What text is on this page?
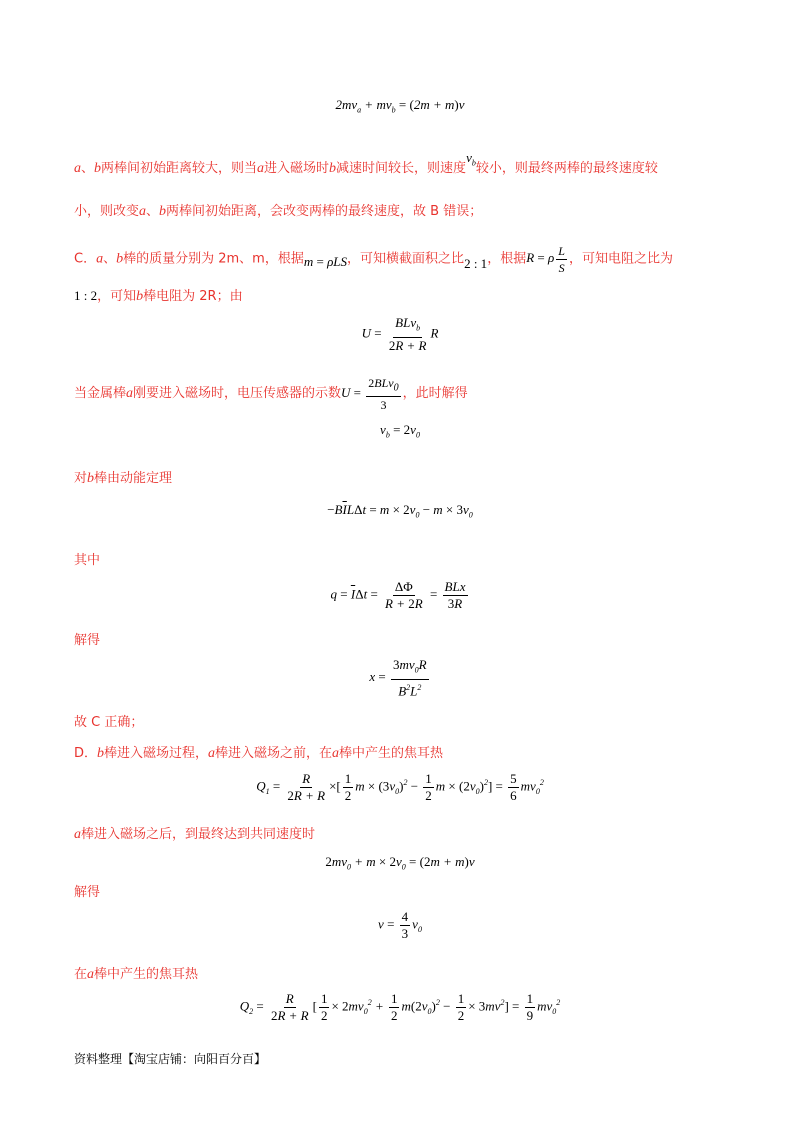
$2mv_a + mv_b = (2m + m)v$
a、b两棒间初始距离较大，则当a进入磁场时b减速时间较长，则速度$v_b$较小，则最终两棒的最终速度较
小，则改变a、b两棒间初始距离，会改变两棒的最终速度，故 B 错误；
C．a、b棒的质量分别为 2m、m，根据m = ρLS，可知横截面积之比2 : 1，根据R = ρ $\frac{L}{S}$ ，可知电阻之比为
1 : 2，可知b棒电阻为 2R；由
$U = \frac{BLv_b}{2R + R}$ R
当金属棒a刚要进入磁场时，电压传感器的示数$U = \frac{2BLv_0}{3}$ ，此时解得
$v_b = 2v_0$
对b棒由动能定理
$-B\overline{I}L\Delta t = m \times 2v_0 - m \times 3v_0$
其中
$q = \overline{I}\Delta t = \frac{\Delta\Phi}{R + 2R} = \frac{\text{BLx}}{3R}$
解得
$x = \frac{3mv_0R}{B^2L^2}$
故 C 正确；
D．b棒进入磁场过程，a棒进入磁场之前，在a棒中产生的焦耳热
$Q_1 = \frac{R}{2R + R}$ ×[ $\frac{1}{2}$ $m \times (3v_0)^2 - \frac{1}{2}$ $m \times (2v_0)^2] = \frac{5}{6} mv_0^2$
a棒进入磁场之后，到最终达到共同速度时
$2mv_0 + m \times 2v_0 = (2m + m)v$
解得
$v = \frac{4}{3} v_0$
在a棒中产生的焦耳热
$Q_2 = \frac{R}{2R + R}$ [ $\frac{1}{2} \times 2mv_0^2 + \frac{1}{2} m(2v_0)^2 - \frac{1}{2} \times 3mv^2] = \frac{1}{9} mv_0^2$
资料整理【淘宝店铺：向阳百分百】
